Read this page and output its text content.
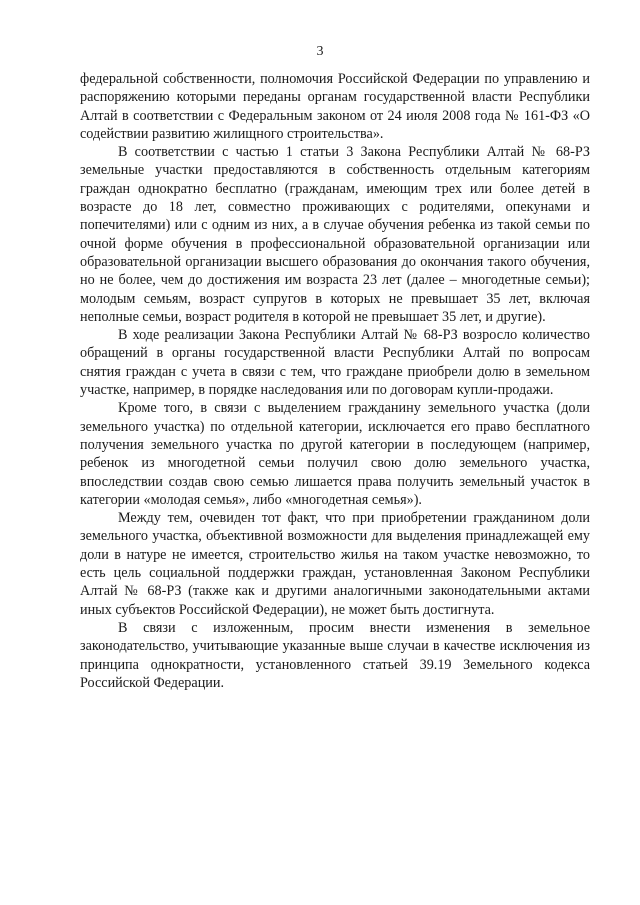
3

федеральной собственности, полномочия Российской Федерации по управлению и распоряжению которыми переданы органам государственной власти Республики Алтай в соответствии с Федеральным законом от 24 июля 2008 года № 161-ФЗ «О содействии развитию жилищного строительства».

В соответствии с частью 1 статьи 3 Закона Республики Алтай № 68-РЗ земельные участки предоставляются в собственность отдельным категориям граждан однократно бесплатно (гражданам, имеющим трех или более детей в возрасте до 18 лет, совместно проживающих с родителями, опекунами и попечителями) или с одним из них, а в случае обучения ребенка из такой семьи по очной форме обучения в профессиональной образовательной организации или образовательной организации высшего образования до окончания такого обучения, но не более, чем до достижения им возраста 23 лет (далее – многодетные семьи); молодым семьям, возраст супругов в которых не превышает 35 лет, включая неполные семьи, возраст родителя в которой не превышает 35 лет, и другие).

В ходе реализации Закона Республики Алтай № 68-РЗ возросло количество обращений в органы государственной власти Республики Алтай по вопросам снятия граждан с учета в связи с тем, что граждане приобрели долю в земельном участке, например, в порядке наследования или по договорам купли-продажи.

Кроме того, в связи с выделением гражданину земельного участка (доли земельного участка) по отдельной категории, исключается его право бесплатного получения земельного участка по другой категории в последующем (например, ребенок из многодетной семьи получил свою долю земельного участка, впоследствии создав свою семью лишается права получить земельный участок в категории «молодая семья», либо «многодетная семья»).

Между тем, очевиден тот факт, что при приобретении гражданином доли земельного участка, объективной возможности для выделения принадлежащей ему доли в натуре не имеется, строительство жилья на таком участке невозможно, то есть цель социальной поддержки граждан, установленная Законом Республики Алтай № 68-РЗ (также как и другими аналогичными законодательными актами иных субъектов Российской Федерации), не может быть достигнута.

В связи с изложенным, просим внести изменения в земельное законодательство, учитывающие указанные выше случаи в качестве исключения из принципа однократности, установленного статьей 39.19 Земельного кодекса Российской Федерации.
